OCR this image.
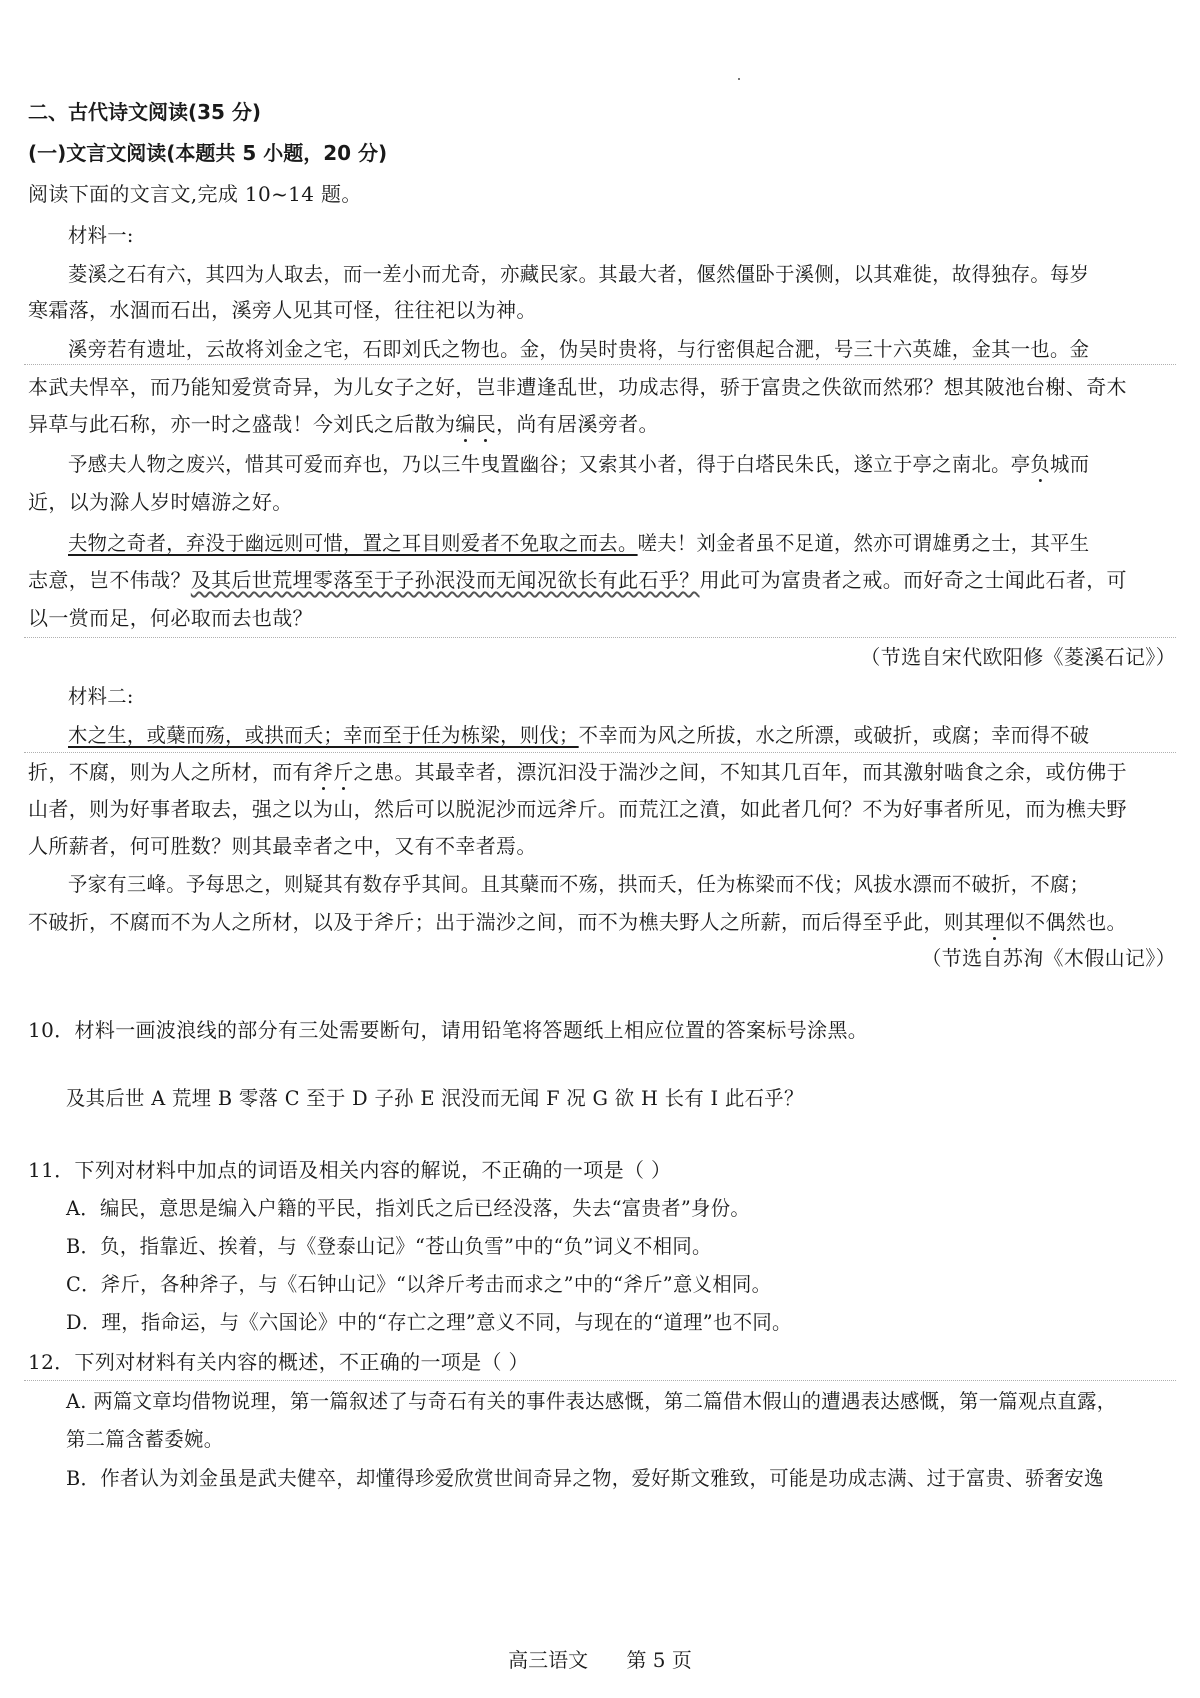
二、古代诗文阅读(35 分)
(一)文言文阅读(本题共 5 小题，20 分)
阅读下面的文言文,完成 10~14 题。
材料一:
菱溪之石有六，其四为人取去，而一差小而尤奇，亦藏民家。其最大者，偃然僵卧于溪侧，以其难徙，故得独存。每岁
寒霜落，水涸而石出，溪旁人见其可怪，往往祀以为神。
溪旁若有遗址，云故将刘金之宅，石即刘氏之物也。金，伪吴时贵将，与行密俱起合淝，号三十六英雄，金其一也。金
本武夫悍卒，而乃能知爱赏奇异，为儿女子之好，岂非遭逢乱世，功成志得，骄于富贵之佚欲而然邪？想其陂池台榭、奇木
异草与此石称，亦一时之盛哉！今刘氏之后散为编民，尚有居溪旁者。
予感夫人物之废兴，惜其可爱而弃也，乃以三牛曳置幽谷；又索其小者，得于白塔民朱氏，遂立于亭之南北。亭负城而
近，以为滁人岁时嬉游之好。
夫物之奇者，弃没于幽远则可惜，置之耳目则爱者不免取之而去。嗟夫！刘金者虽不足道，然亦可谓雄勇之士，其平生
志意，岂不伟哉？及其后世荒埋零落至于子孙泯没而无闻况欲长有此石乎？用此可为富贵者之戒。而好奇之士闻此石者，可
以一赏而足，何必取而去也哉？
（节选自宋代欧阳修《菱溪石记》）
材料二:
木之生，或蘖而殇，或拱而夭；幸而至于任为栋梁，则伐；不幸而为风之所拔，水之所漂，或破折，或腐；幸而得不破
折，不腐，则为人之所材，而有斧斤之患。其最幸者，漂沉汩没于湍沙之间，不知其几百年，而其激射啮食之余，或仿佛于
山者，则为好事者取去，强之以为山，然后可以脱泥沙而远斧斤。而荒江之濆，如此者几何？不为好事者所见，而为樵夫野
人所薪者，何可胜数？则其最幸者之中，又有不幸者焉。
予家有三峰。予每思之，则疑其有数存乎其间。且其蘖而不殇，拱而夭，任为栋梁而不伐；风拔水漂而不破折，不腐；
不破折，不腐而不为人之所材，以及于斧斤；出于湍沙之间，而不为樵夫野人之所薪，而后得至乎此，则其理似不偶然也。
（节选自苏洵《木假山记》）
10．材料一画波浪线的部分有三处需要断句，请用铅笔将答题纸上相应位置的答案标号涂黑。
及其后世 A 荒埋 B 零落 C 至于 D 子孙 E 泯没而无闻 F 况 G 欲 H 长有 I 此石乎？
11．下列对材料中加点的词语及相关内容的解说，不正确的一项是（ ）
A．编民，意思是编入户籍的平民，指刘氏之后已经没落，失去“富贵者”身份。
B．负，指靠近、挨着，与《登泰山记》“苍山负雪”中的“负”词义不相同。
C．斧斤，各种斧子，与《石钟山记》“以斧斤考击而求之”中的“斧斤”意义相同。
D．理，指命运，与《六国论》中的“存亡之理”意义不同，与现在的“道理”也不同。
12．下列对材料有关内容的概述，不正确的一项是（ ）
A. 两篇文章均借物说理，第一篇叙述了与奇石有关的事件表达感慨，第二篇借木假山的遭遇表达感慨，第一篇观点直露，
第二篇含蓄委婉。
B．作者认为刘金虽是武夫健卒，却懂得珍爱欣赏世间奇异之物，爱好斯文雅致，可能是功成志满、过于富贵、骄奢安逸
高三语文 第 5 页
